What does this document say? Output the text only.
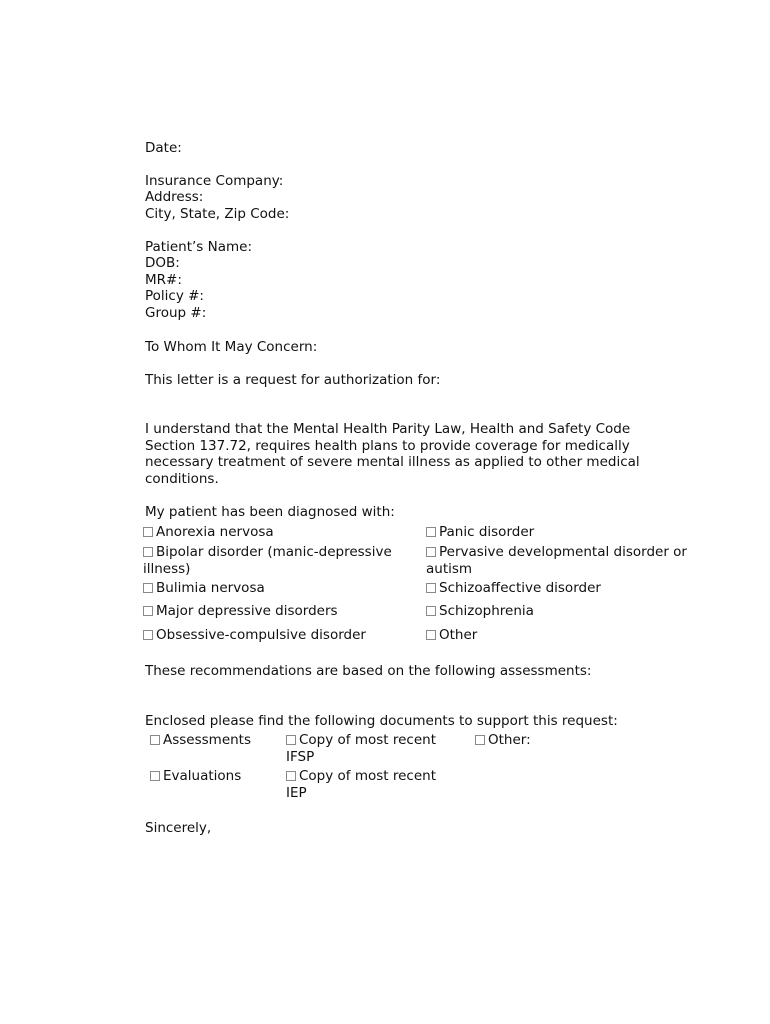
Date:
Insurance Company:
Address:
City, State, Zip Code:
Patient’s Name:
DOB:
MR#:
Policy #:
Group #:
To Whom It May Concern:
This letter is a request for authorization for:
I understand that the Mental Health Parity Law, Health and Safety Code Section 137.72, requires health plans to provide coverage for medically necessary treatment of severe mental illness as applied to other medical conditions.
My patient has been diagnosed with:
Anorexia nervosa
Bipolar disorder (manic-depressive illness)
Bulimia nervosa
Major depressive disorders
Obsessive-compulsive disorder
Panic disorder
Pervasive developmental disorder or autism
Schizoaffective disorder
Schizophrenia
Other
These recommendations are based on the following assessments:
Enclosed please find the following documents to support this request:
Assessments	Copy of most recent IFSP
Other:
Evaluations	Copy of most recent IEP
Sincerely,
